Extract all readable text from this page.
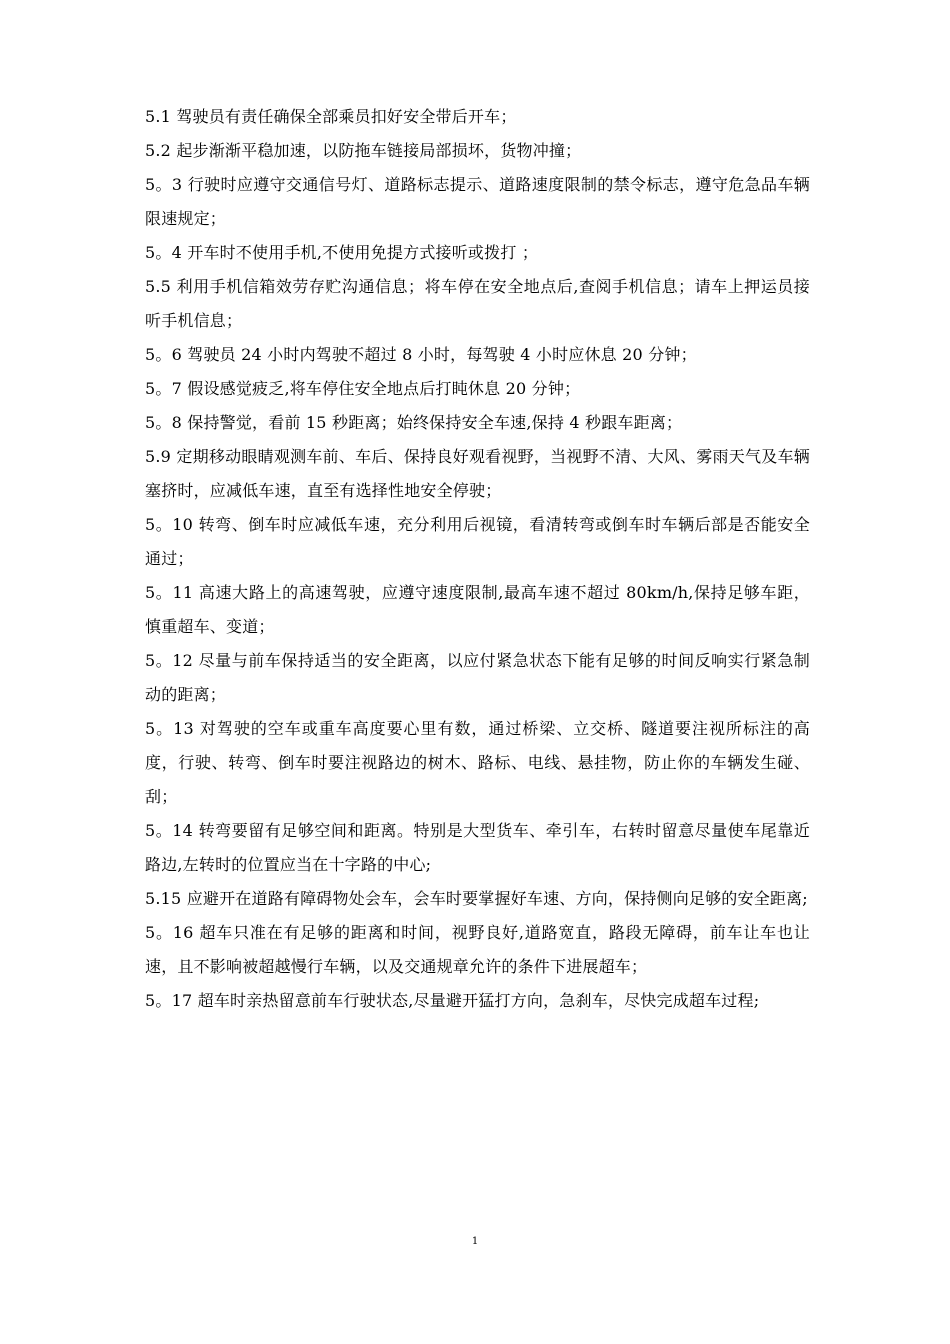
5.1 驾驶员有责任确保全部乘员扣好安全带后开车；

5.2 起步渐渐平稳加速，以防拖车链接局部损坏，货物冲撞；

5。3 行驶时应遵守交通信号灯、道路标志提示、道路速度限制的禁令标志，遵守危急品车辆限速规定；

5。4 开车时不使用手机,不使用免提方式接听或拨打 ；

5.5 利用手机信箱效劳存贮沟通信息；将车停在安全地点后,查阅手机信息；请车上押运员接听手机信息；

5。6 驾驶员 24 小时内驾驶不超过 8 小时，每驾驶 4 小时应休息 20 分钟；

5。7 假设感觉疲乏,将车停住安全地点后打盹休息 20 分钟；

5。8 保持警觉，看前 15 秒距离；始终保持安全车速,保持 4 秒跟车距离；

5.9 定期移动眼睛观测车前、车后、保持良好观看视野，当视野不清、大风、雾雨天气及车辆塞挤时，应减低车速，直至有选择性地安全停驶；

5。10 转弯、倒车时应减低车速，充分利用后视镜，看清转弯或倒车时车辆后部是否能安全通过；

5。11 高速大路上的高速驾驶，应遵守速度限制,最高车速不超过 80km/h,保持足够车距，慎重超车、变道；

5。12 尽量与前车保持适当的安全距离，以应付紧急状态下能有足够的时间反响实行紧急制动的距离；

5。13 对驾驶的空车或重车高度要心里有数，通过桥梁、立交桥、隧道要注视所标注的高度，行驶、转弯、倒车时要注视路边的树木、路标、电线、悬挂物，防止你的车辆发生碰、刮；

5。14 转弯要留有足够空间和距离。特别是大型货车、牵引车，右转时留意尽量使车尾靠近路边,左转时的位置应当在十字路的中心;

5.15 应避开在道路有障碍物处会车，会车时要掌握好车速、方向，保持侧向足够的安全距离;

5。16 超车只准在有足够的距离和时间，视野良好,道路宽直，路段无障碍，前车让车也让速，且不影响被超越慢行车辆，以及交通规章允许的条件下进展超车；

5。17 超车时亲热留意前车行驶状态,尽量避开猛打方向，急刹车，尽快完成超车过程;

1
